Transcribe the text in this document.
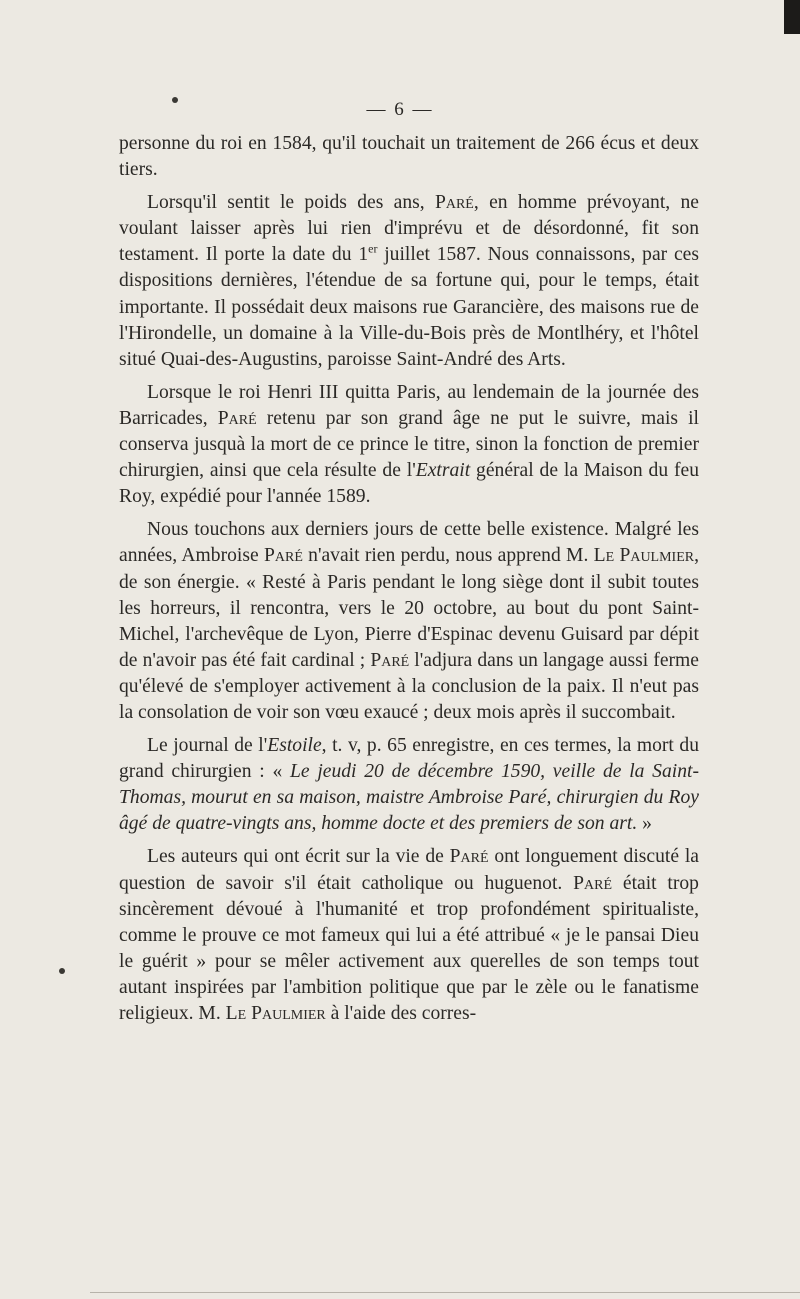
— 6 —

personne du roi en 1584, qu'il touchait un traitement de 266 écus et deux tiers.

Lorsqu'il sentit le poids des ans, Paré, en homme prévoyant, ne voulant laisser après lui rien d'imprévu et de désordonné, fit son testament. Il porte la date du 1er juillet 1587. Nous connaissons, par ces dispositions dernières, l'étendue de sa fortune qui, pour le temps, était importante. Il possédait deux maisons rue Garancière, des maisons rue de l'Hirondelle, un domaine à la Ville-du-Bois près de Montlhéry, et l'hôtel situé Quai-des-Augustins, paroisse Saint-André des Arts.

Lorsque le roi Henri III quitta Paris, au lendemain de la journée des Barricades, Paré retenu par son grand âge ne put le suivre, mais il conserva jusquà la mort de ce prince le titre, sinon la fonction de premier chirurgien, ainsi que cela résulte de l'Extrait général de la Maison du feu Roy, expédié pour l'année 1589.

Nous touchons aux derniers jours de cette belle existence. Malgré les années, Ambroise Paré n'avait rien perdu, nous apprend M. Le Paulmier, de son énergie. « Resté à Paris pendant le long siège dont il subit toutes les horreurs, il rencontra, vers le 20 octobre, au bout du pont Saint-Michel, l'archevêque de Lyon, Pierre d'Espinac devenu Guisard par dépit de n'avoir pas été fait cardinal ; Paré l'adjura dans un langage aussi ferme qu'élevé de s'employer activement à la conclusion de la paix. Il n'eut pas la consolation de voir son vœu exaucé ; deux mois après il succombait.

Le journal de l'Estoile, t. v, p. 65 enregistre, en ces termes, la mort du grand chirurgien : « Le jeudi 20 de décembre 1590, veille de la Saint-Thomas, mourut en sa maison, maistre Ambroise Paré, chirurgien du Roy âgé de quatre-vingts ans, homme docte et des premiers de son art. »

Les auteurs qui ont écrit sur la vie de Paré ont longuement discuté la question de savoir s'il était catholique ou huguenot. Paré était trop sincèrement dévoué à l'humanité et trop profondément spiritualiste, comme le prouve ce mot fameux qui lui a été attribué « je le pansai Dieu le guérit » pour se mêler activement aux querelles de son temps tout autant inspirées par l'ambition politique que par le zèle ou le fanatisme religieux. M. Le Paulmier à l'aide des corres-
